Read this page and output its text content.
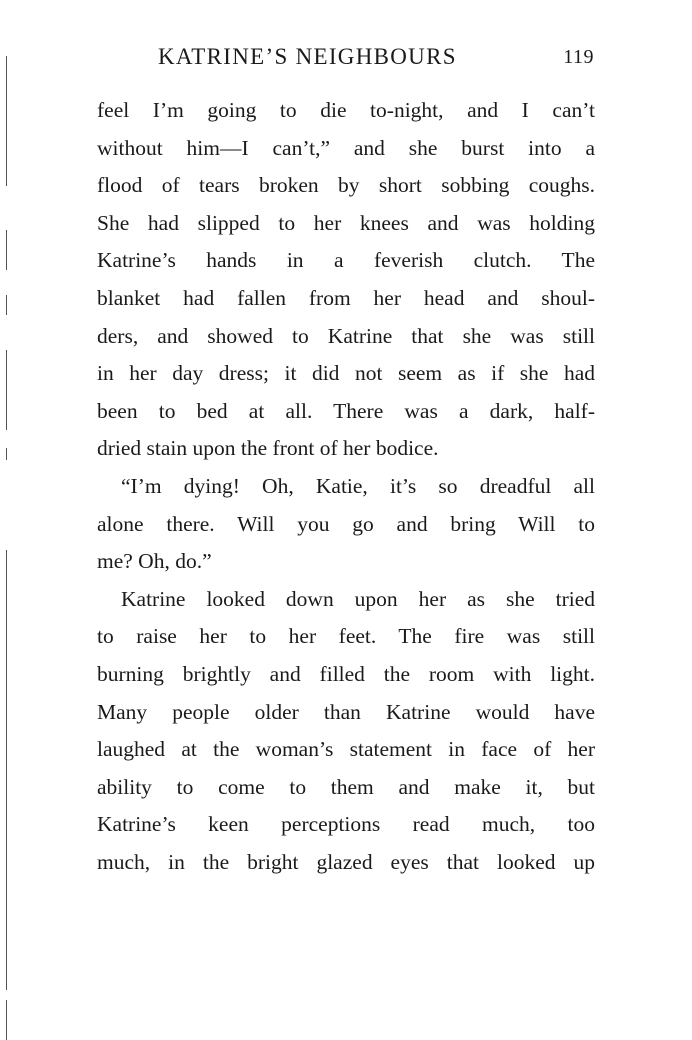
KATRINE’S NEIGHBOURS	119
feel I’m going to die to-night, and I can’t
without him—I can’t,” and she burst into a
flood of tears broken by short sobbing coughs.
She had slipped to her knees and was holding
Katrine’s hands in a feverish clutch. The
blanket had fallen from her head and shoul-
ders, and showed to Katrine that she was still
in her day dress; it did not seem as if she had
been to bed at all. There was a dark, half-
dried stain upon the front of her bodice.
“I’m dying! Oh, Katie, it’s so dreadful all
alone there. Will you go and bring Will to
me? Oh, do.”
Katrine looked down upon her as she tried
to raise her to her feet. The fire was still
burning brightly and filled the room with light.
Many people older than Katrine would have
laughed at the woman’s statement in face of her
ability to come to them and make it, but
Katrine’s keen perceptions read much, too
much, in the bright glazed eyes that looked up
